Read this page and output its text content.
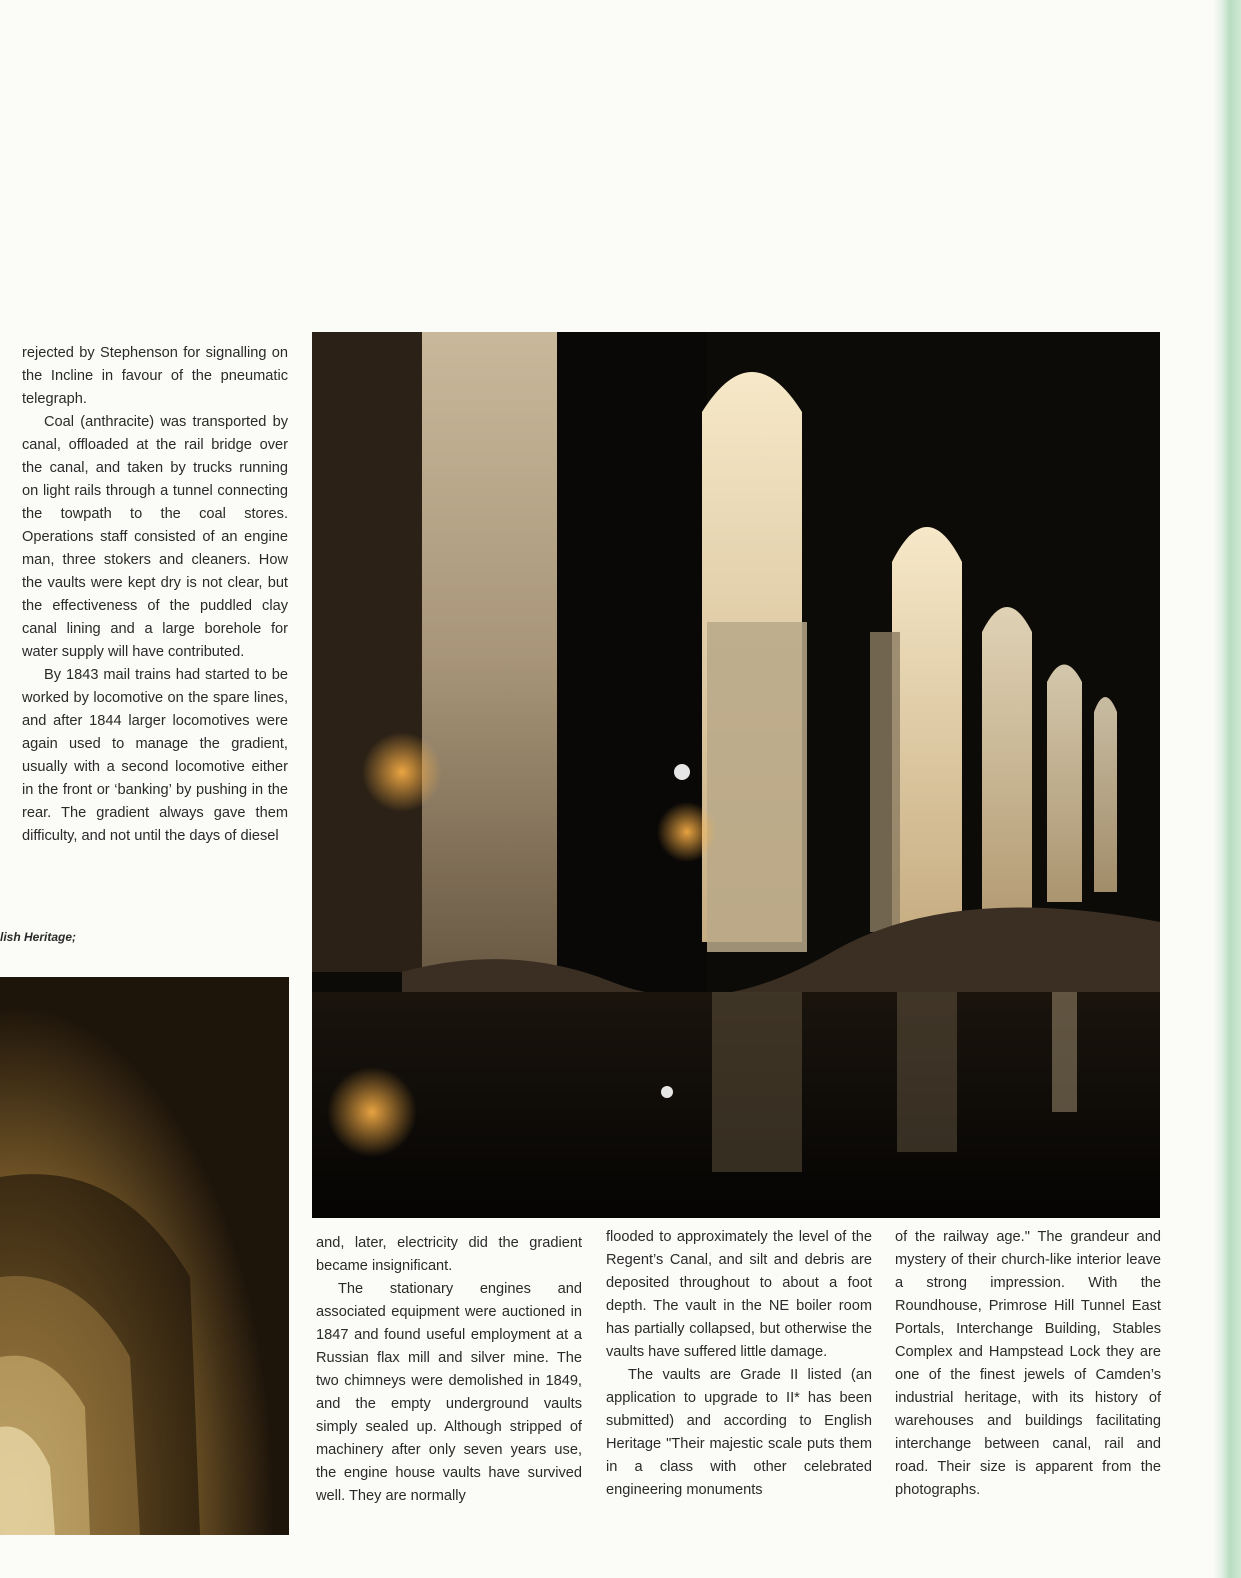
rejected by Stephenson for signalling on the Incline in favour of the pneumatic telegraph.

Coal (anthracite) was transported by canal, offloaded at the rail bridge over the canal, and taken by trucks running on light rails through a tunnel connecting the towpath to the coal stores. Operations staff consisted of an engine man, three stokers and cleaners. How the vaults were kept dry is not clear, but the effectiveness of the puddled clay canal lining and a large borehole for water supply will have contributed.

By 1843 mail trains had started to be worked by locomotive on the spare lines, and after 1844 larger locomotives were again used to manage the gradient, usually with a second locomotive either in the front or ‘banking’ by pushing in the rear. The gradient always gave them difficulty, and not until the days of diesel

lish Heritage;

and, later, electricity did the gradient became insignificant.

The stationary engines and associated equipment were auctioned in 1847 and found useful employment at a Russian flax mill and silver mine. The two chimneys were demolished in 1849, and the empty underground vaults simply sealed up. Although stripped of machinery after only seven years use, the engine house vaults have survived well. They are normally

flooded to approximately the level of the Regent’s Canal, and silt and debris are deposited throughout to about a foot depth. The vault in the NE boiler room has partially collapsed, but otherwise the vaults have suffered little damage.

The vaults are Grade II listed (an application to upgrade to II* has been submitted) and according to English Heritage "Their majestic scale puts them in a class with other celebrated engineering monuments

of the railway age." The grandeur and mystery of their church-like interior leave a strong impression. With the Roundhouse, Primrose Hill Tunnel East Portals, Interchange Building, Stables Complex and Hampstead Lock they are one of the finest jewels of Camden’s industrial heritage, with its history of warehouses and buildings facilitating interchange between canal, rail and road. Their size is apparent from the photographs.
